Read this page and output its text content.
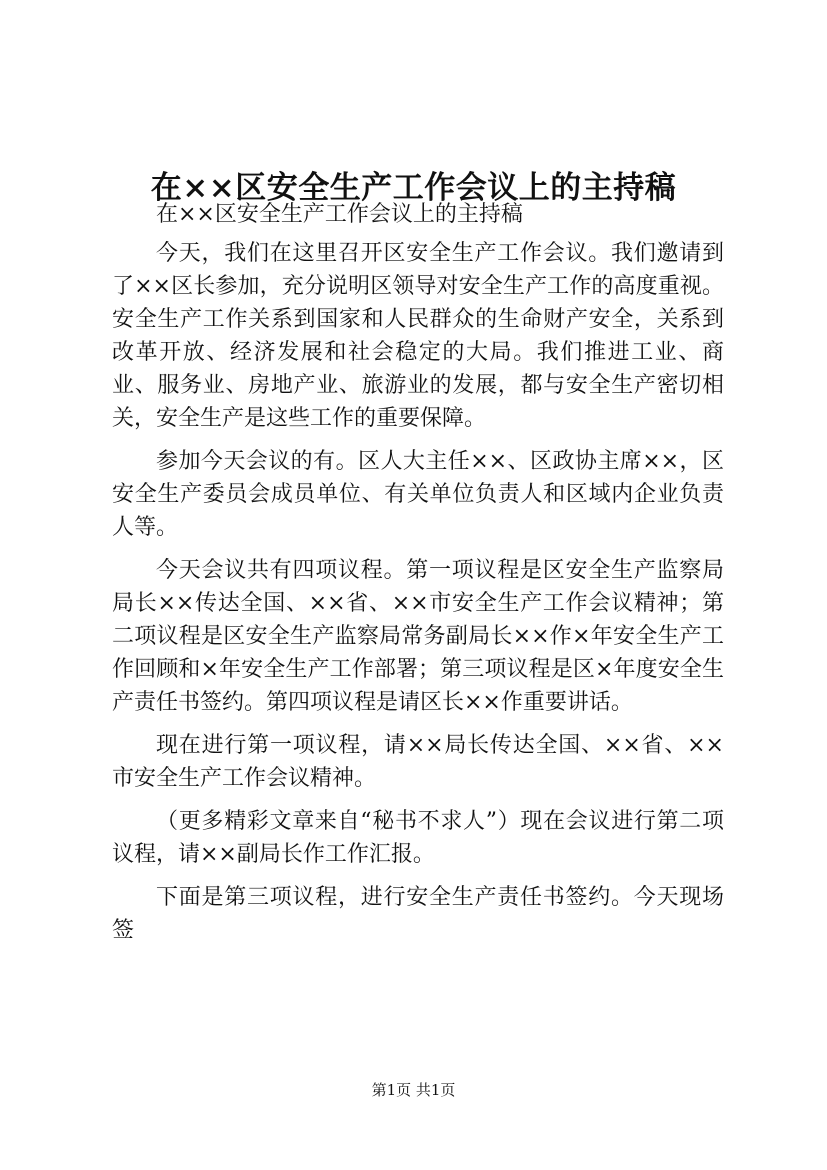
在××区安全生产工作会议上的主持稿

在××区安全生产工作会议上的主持稿

今天，我们在这里召开区安全生产工作会议。我们邀请到了××区长参加，充分说明区领导对安全生产工作的高度重视。安全生产工作关系到国家和人民群众的生命财产安全，关系到改革开放、经济发展和社会稳定的大局。我们推进工业、商业、服务业、房地产业、旅游业的发展，都与安全生产密切相关，安全生产是这些工作的重要保障。

参加今天会议的有。区人大主任××、区政协主席××，区安全生产委员会成员单位、有关单位负责人和区域内企业负责人等。

今天会议共有四项议程。第一项议程是区安全生产监察局局长××传达全国、××省、××市安全生产工作会议精神；第二项议程是区安全生产监察局常务副局长××作×年安全生产工作回顾和×年安全生产工作部署；第三项议程是区×年度安全生产责任书签约。第四项议程是请区长××作重要讲话。

现在进行第一项议程，请××局长传达全国、××省、××市安全生产工作会议精神。

（更多精彩文章来自“秘书不求人”）现在会议进行第二项议程，请××副局长作工作汇报。

下面是第三项议程，进行安全生产责任书签约。今天现场签

第1页 共1页
